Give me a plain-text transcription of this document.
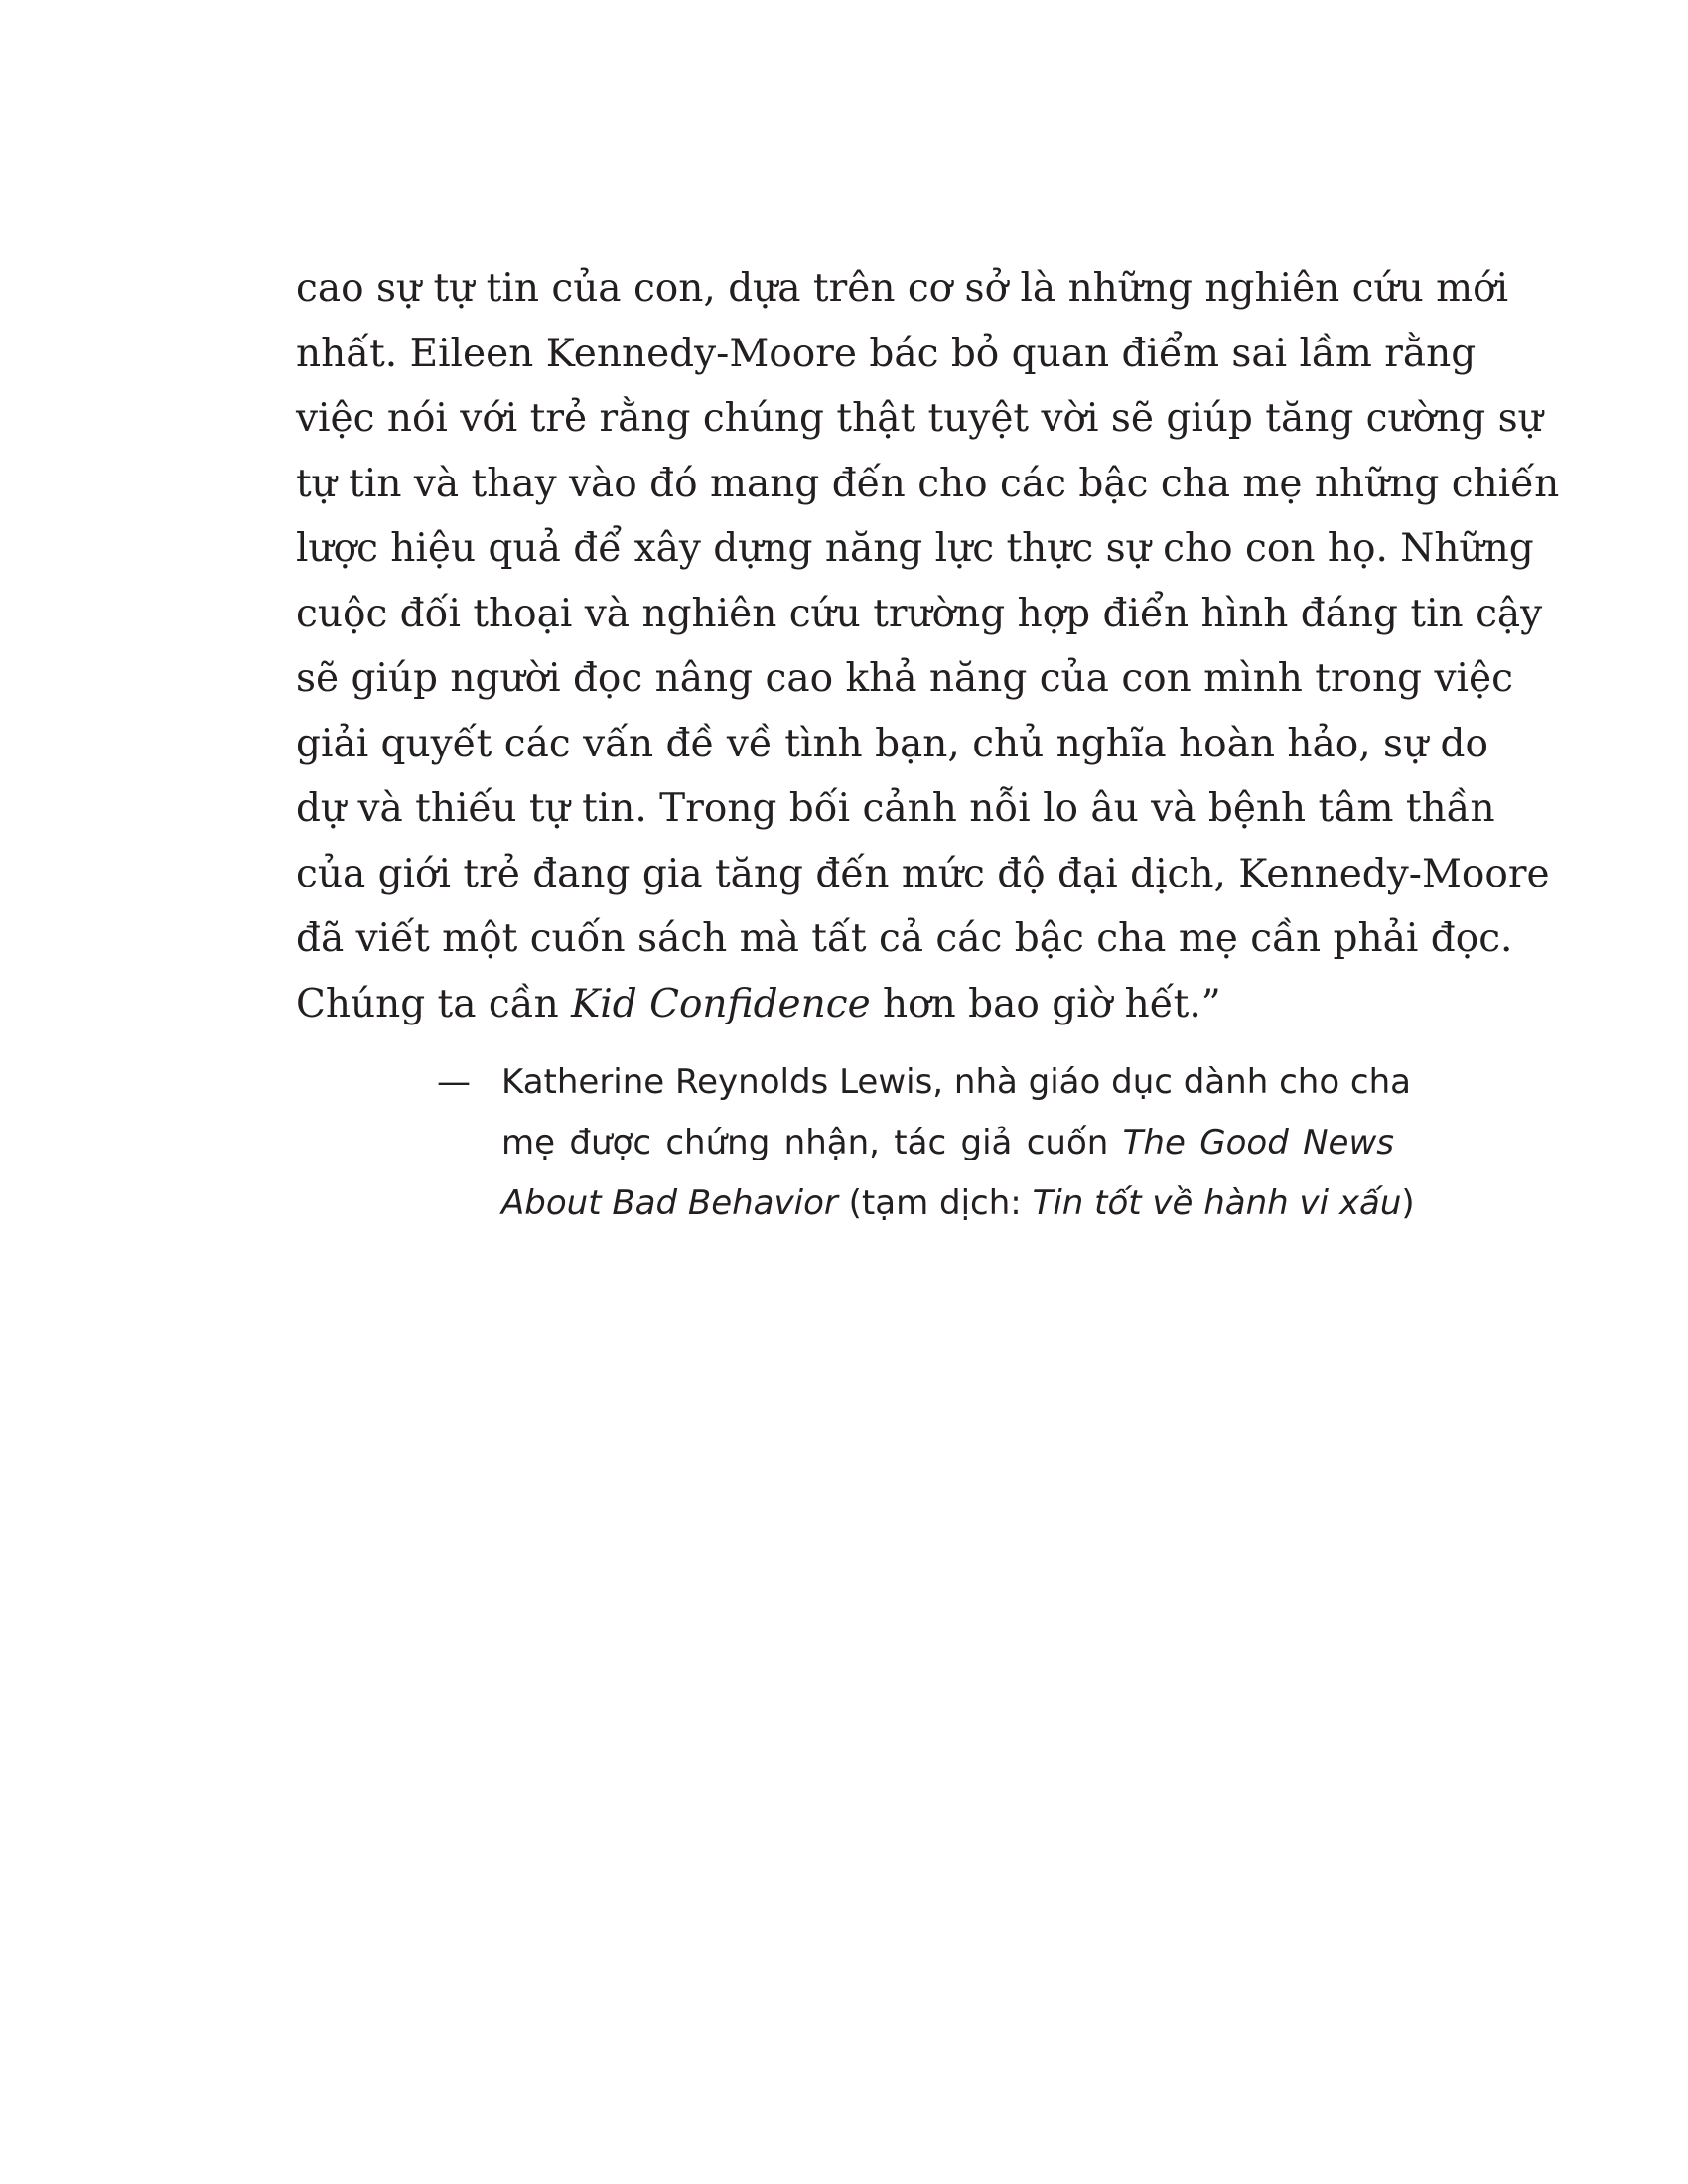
cao sự tự tin của con, dựa trên cơ sở là những nghiên cứu mới
nhất. Eileen Kennedy-Moore bác bỏ quan điểm sai lầm rằng
việc nói với trẻ rằng chúng thật tuyệt vời sẽ giúp tăng cường sự
tự tin và thay vào đó mang đến cho các bậc cha mẹ những chiến
lược hiệu quả để xây dựng năng lực thực sự cho con họ. Những
cuộc đối thoại và nghiên cứu trường hợp điển hình đáng tin cậy
sẽ giúp người đọc nâng cao khả năng của con mình trong việc
giải quyết các vấn đề về tình bạn, chủ nghĩa hoàn hảo, sự do
dự và thiếu tự tin. Trong bối cảnh nỗi lo âu và bệnh tâm thần
của giới trẻ đang gia tăng đến mức độ đại dịch, Kennedy-Moore
đã viết một cuốn sách mà tất cả các bậc cha mẹ cần phải đọc.
Chúng ta cần Kid Confidence hơn bao giờ hết.”

— Katherine Reynolds Lewis, nhà giáo dục dành cho cha
mẹ được chứng nhận, tác giả cuốn The Good News
About Bad Behavior (tạm dịch: Tin tốt về hành vi xấu)
